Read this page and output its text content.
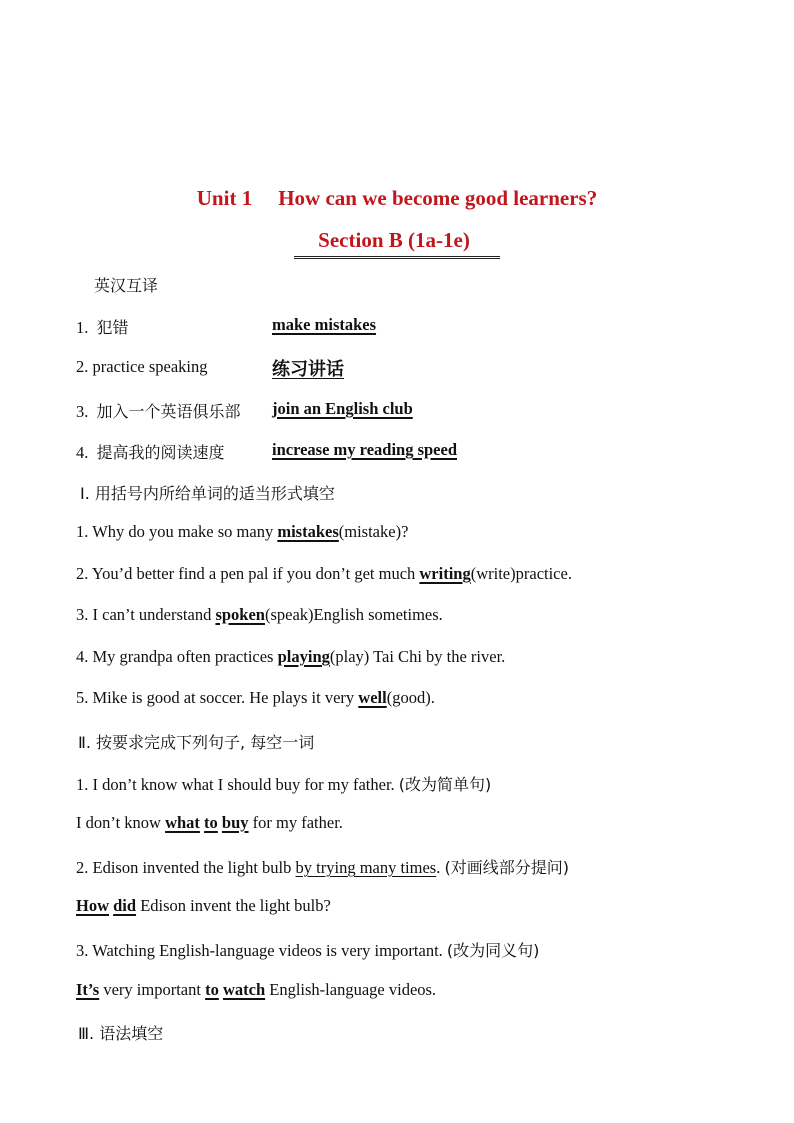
Unit 1 How can we become good learners?
Section B (1a-1e)
英汉互译
1. 犯错	make mistakes
2. practice speaking	练习讲话
3. 加入一个英语俱乐部 join an English club
4. 提高我的阅读速度	increase my reading speed
Ⅰ. 用括号内所给单词的适当形式填空
1. Why do you make so many mistakes(mistake)?
2. You’d better find a pen pal if you don’t get much writing(write)practice.
3. I can’t understand spoken(speak)English sometimes.
4. My grandpa often practices playing(play) Tai Chi by the river.
5. Mike is good at soccer. He plays it very well(good).
Ⅱ. 按要求完成下列句子, 每空一词
1. I don’t know what I should buy for my father. (改为简单句)
I don’t know what to buy for my father.
2. Edison invented the light bulb by trying many times. (对画线部分提问)
How did Edison invent the light bulb?
3. Watching English-language videos is very important. (改为同义句)
It’s very important to watch English-language videos.
Ⅲ. 语法填空
